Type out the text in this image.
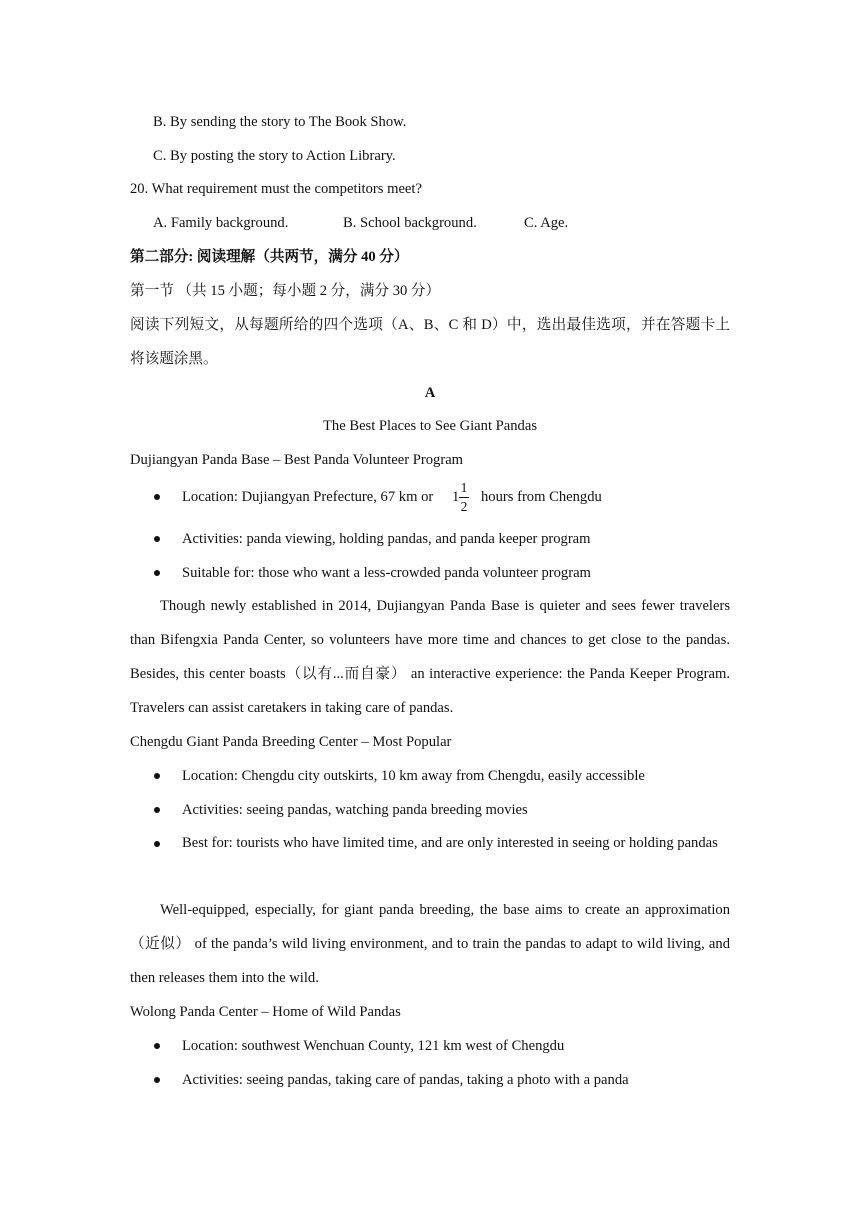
B. By sending the story to The Book Show.
C. By posting the story to Action Library.
20. What requirement must the competitors meet?
A. Family background.	B. School background.	C. Age.
第二部分: 阅读理解（共两节，满分 40 分）
第一节 （共 15 小题；每小题 2 分，满分 30 分）
阅读下列短文，从每题所给的四个选项（A、B、C 和 D）中，选出最佳选项，并在答题卡上将该题涂黑。
A
The Best Places to See Giant Pandas
Dujiangyan Panda Base – Best Panda Volunteer Program
Location: Dujiangyan Prefecture, 67 km or 1
1
2
hours from Chengdu
Activities: panda viewing, holding pandas, and panda keeper program
Suitable for: those who want a less-crowded panda volunteer program
Though newly established in 2014, Dujiangyan Panda Base is quieter and sees fewer travelers than Bifengxia Panda Center, so volunteers have more time and chances to get close to the pandas. Besides, this center boasts（以有...而自豪） an interactive experience: the Panda Keeper Program. Travelers can assist caretakers in taking care of pandas.
Chengdu Giant Panda Breeding Center – Most Popular
Location: Chengdu city outskirts, 10 km away from Chengdu, easily accessible
Activities: seeing pandas, watching panda breeding movies
Best for: tourists who have limited time, and are only interested in seeing or holding pandas
Well-equipped, especially, for giant panda breeding, the base aims to create an approximation（近似） of the panda’s wild living environment, and to train the pandas to adapt to wild living, and then releases them into the wild.
Wolong Panda Center – Home of Wild Pandas
Location: southwest Wenchuan County, 121 km west of Chengdu
Activities: seeing pandas, taking care of pandas, taking a photo with a panda
